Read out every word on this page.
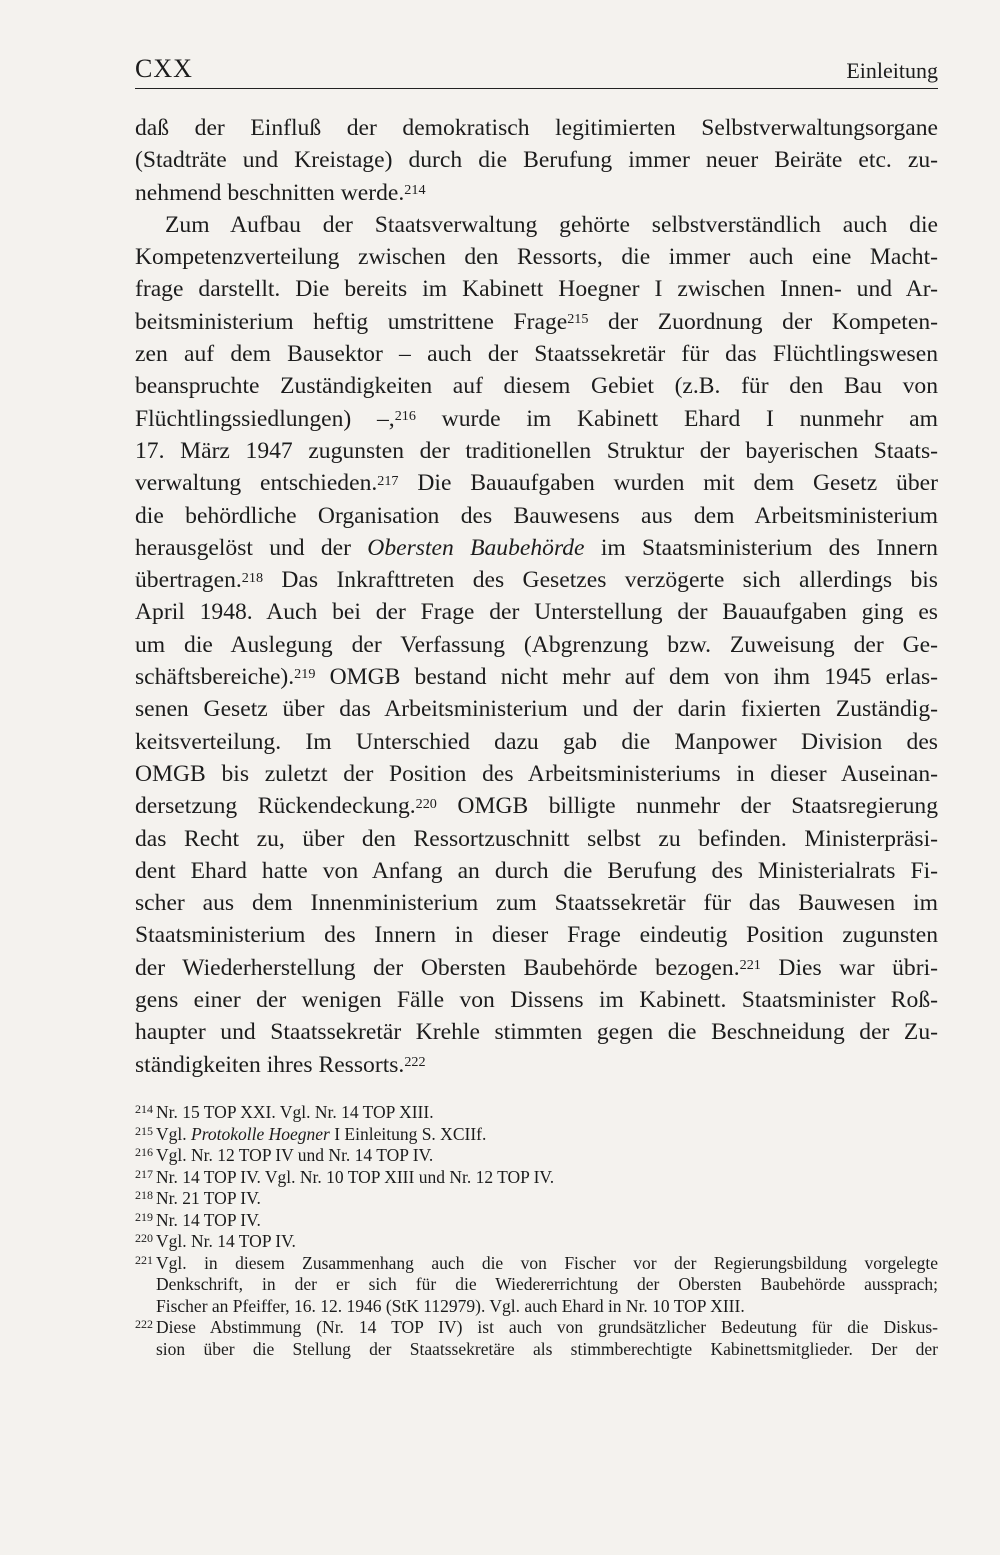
CXX	Einleitung

daß der Einfluß der demokratisch legitimierten Selbstverwaltungsorgane
(Stadträte und Kreistage) durch die Berufung immer neuer Beiräte etc. zu-
nehmend beschnitten werde.$^{214}$

Zum Aufbau der Staatsverwaltung gehörte selbstverständlich auch die
Kompetenzverteilung zwischen den Ressorts, die immer auch eine Macht-
frage darstellt. Die bereits im Kabinett Hoegner I zwischen Innen- und Ar-
beitsministerium heftig umstrittene Frage$^{215}$ der Zuordnung der Kompeten-
zen auf dem Bausektor – auch der Staatssekretär für das Flüchtlingswesen
beanspruchte Zuständigkeiten auf diesem Gebiet (z.B. für den Bau von
Flüchtlingssiedlungen) –,$^{216}$ wurde im Kabinett Ehard I nunmehr am
17. März 1947 zugunsten der traditionellen Struktur der bayerischen Staats-
verwaltung entschieden.$^{217}$ Die Bauaufgaben wurden mit dem Gesetz über
die behördliche Organisation des Bauwesens aus dem Arbeitsministerium
herausgelöst und der Obersten Baubehörde im Staatsministerium des Innern
übertragen.$^{218}$ Das Inkrafttreten des Gesetzes verzögerte sich allerdings bis
April 1948. Auch bei der Frage der Unterstellung der Bauaufgaben ging es
um die Auslegung der Verfassung (Abgrenzung bzw. Zuweisung der Ge-
schäftsbereiche).$^{219}$ OMGB bestand nicht mehr auf dem von ihm 1945 erlas-
senen Gesetz über das Arbeitsministerium und der darin fixierten Zuständig-
keitsverteilung. Im Unterschied dazu gab die Manpower Division des
OMGB bis zuletzt der Position des Arbeitsministeriums in dieser Auseinan-
dersetzung Rückendeckung.$^{220}$ OMGB billigte nunmehr der Staatsregierung
das Recht zu, über den Ressortzuschnitt selbst zu befinden. Ministerpräsi-
dent Ehard hatte von Anfang an durch die Berufung des Ministerialrats Fi-
scher aus dem Innenministerium zum Staatssekretär für das Bauwesen im
Staatsministerium des Innern in dieser Frage eindeutig Position zugunsten
der Wiederherstellung der Obersten Baubehörde bezogen.$^{221}$ Dies war übri-
gens einer der wenigen Fälle von Dissens im Kabinett. Staatsminister Roß-
haupter und Staatssekretär Krehle stimmten gegen die Beschneidung der Zu-
ständigkeiten ihres Ressorts.$^{222}$

214 Nr. 15 TOP XXI. Vgl. Nr. 14 TOP XIII.
215 Vgl. Protokolle Hoegner I Einleitung S. XCIIf.
216 Vgl. Nr. 12 TOP IV und Nr. 14 TOP IV.
217 Nr. 14 TOP IV. Vgl. Nr. 10 TOP XIII und Nr. 12 TOP IV.
218 Nr. 21 TOP IV.
219 Nr. 14 TOP IV.
220 Vgl. Nr. 14 TOP IV.
221 Vgl. in diesem Zusammenhang auch die von Fischer vor der Regierungsbildung vorgelegte
Denkschrift, in der er sich für die Wiedererrichtung der Obersten Baubehörde aussprach;
Fischer an Pfeiffer, 16. 12. 1946 (StK 112979). Vgl. auch Ehard in Nr. 10 TOP XIII.
222 Diese Abstimmung (Nr. 14 TOP IV) ist auch von grundsätzlicher Bedeutung für die Diskus-
sion über die Stellung der Staatssekretäre als stimmberechtigte Kabinettsmitglieder. Der der
